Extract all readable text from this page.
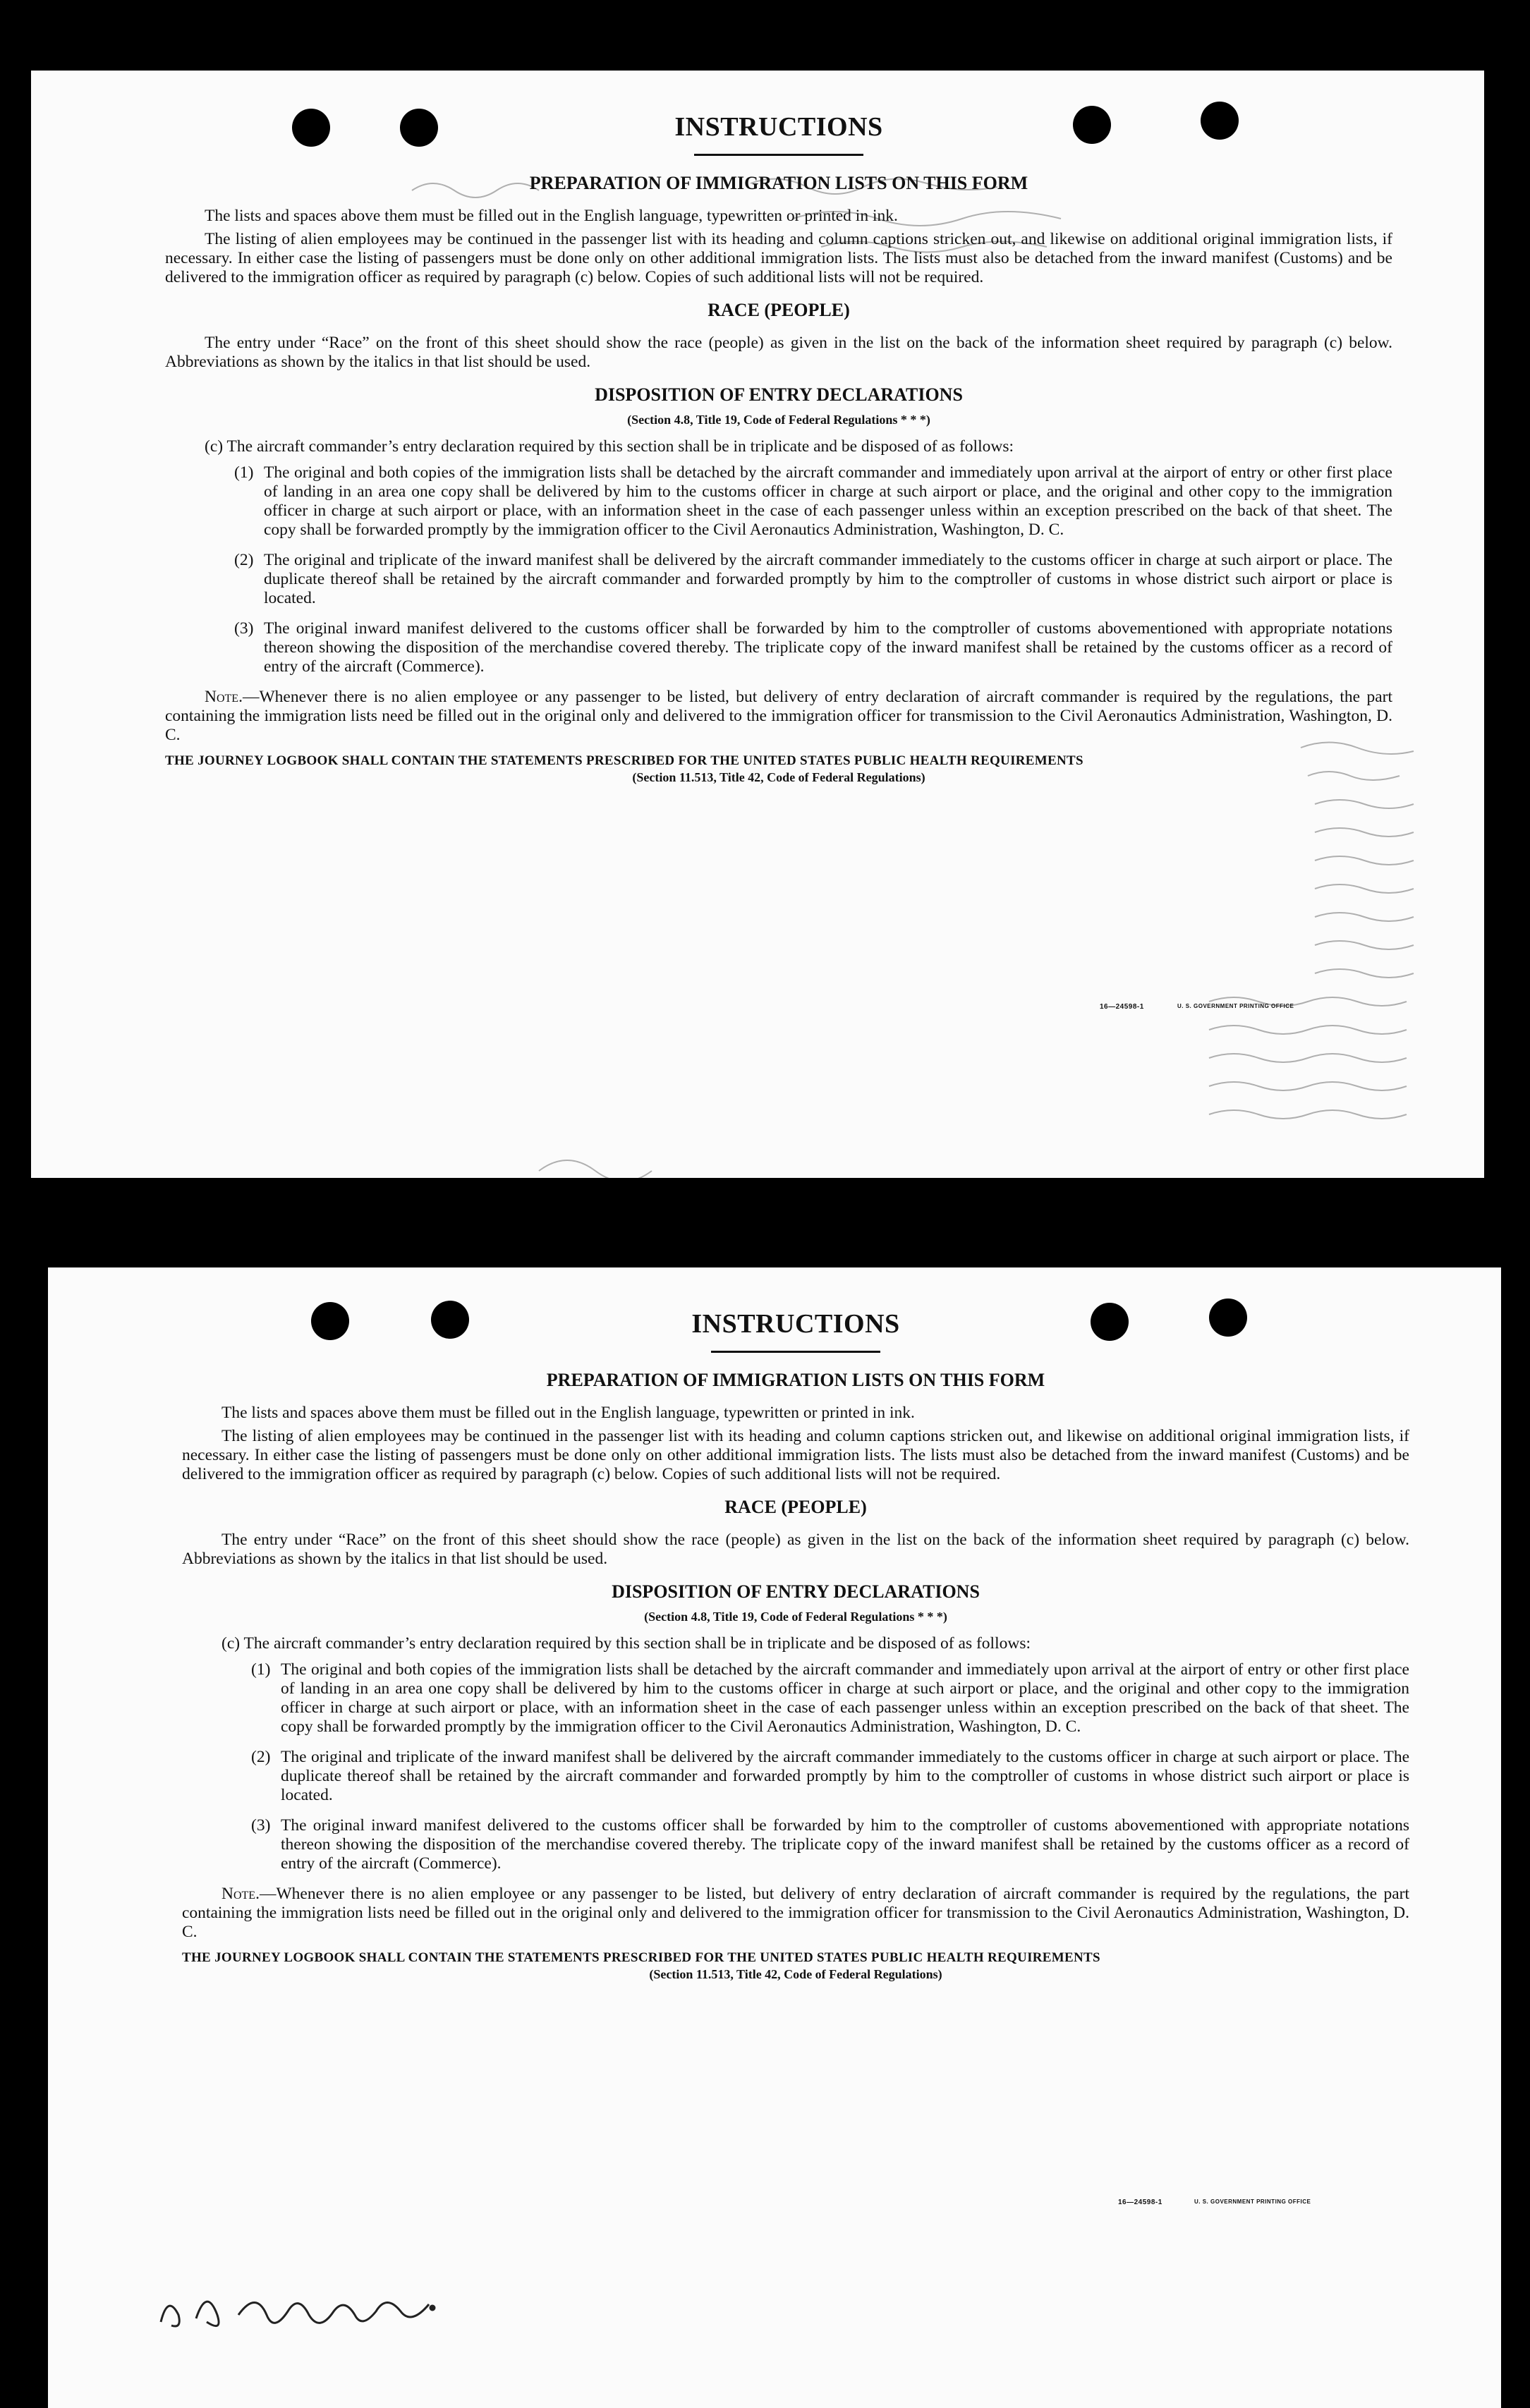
INSTRUCTIONS
PREPARATION OF IMMIGRATION LISTS ON THIS FORM

The lists and spaces above them must be filled out in the English language, typewritten or printed in ink.

The listing of alien employees may be continued in the passenger list with its heading and column captions stricken out, and likewise on additional original immigration lists, if necessary. In either case the listing of passengers must be done only on other additional immigration lists. The lists must also be detached from the inward manifest (Customs) and be delivered to the immigration officer as required by paragraph (c) below. Copies of such additional lists will not be required.

RACE (PEOPLE)

The entry under “Race” on the front of this sheet should show the race (people) as given in the list on the back of the information sheet required by paragraph (c) below. Abbreviations as shown by the italics in that list should be used.

DISPOSITION OF ENTRY DECLARATIONS
(Section 4.8, Title 19, Code of Federal Regulations * * *)
(c) The aircraft commander’s entry declaration required by this section shall be in triplicate and be disposed of as follows:
(1) The original and both copies of the immigration lists shall be detached by the aircraft commander and immediately upon arrival at the airport of entry or other first place of landing in an area one copy shall be delivered by him to the customs officer in charge at such airport or place, and the original and other copy to the immigration officer in charge at such airport or place, with an information sheet in the case of each passenger unless within an exception prescribed on the back of that sheet. The copy shall be forwarded promptly by the immigration officer to the Civil Aeronautics Administration, Washington, D. C.
(2) The original and triplicate of the inward manifest shall be delivered by the aircraft commander immediately to the customs officer in charge at such airport or place. The duplicate thereof shall be retained by the aircraft commander and forwarded promptly by him to the comptroller of customs in whose district such airport or place is located.
(3) The original inward manifest delivered to the customs officer shall be forwarded by him to the comptroller of customs abovementioned with appropriate notations thereon showing the disposition of the merchandise covered thereby. The triplicate copy of the inward manifest shall be retained by the customs officer as a record of entry of the aircraft (Commerce).

Note.—Whenever there is no alien employee or any passenger to be listed, but delivery of entry declaration of aircraft commander is required by the regulations, the part containing the immigration lists need be filled out in the original only and delivered to the immigration officer for transmission to the Civil Aeronautics Administration, Washington, D. C.

THE JOURNEY LOGBOOK SHALL CONTAIN THE STATEMENTS PRESCRIBED FOR THE UNITED STATES PUBLIC HEALTH REQUIREMENTS
(Section 11.513, Title 42, Code of Federal Regulations)
16—24598-1	U. S. GOVERNMENT PRINTING OFFICE
INSTRUCTIONS
PREPARATION OF IMMIGRATION LISTS ON THIS FORM

The lists and spaces above them must be filled out in the English language, typewritten or printed in ink.

The listing of alien employees may be continued in the passenger list with its heading and column captions stricken out, and likewise on additional original immigration lists, if necessary. In either case the listing of passengers must be done only on other additional immigration lists. The lists must also be detached from the inward manifest (Customs) and be delivered to the immigration officer as required by paragraph (c) below. Copies of such additional lists will not be required.

RACE (PEOPLE)

The entry under “Race” on the front of this sheet should show the race (people) as given in the list on the back of the information sheet required by paragraph (c) below. Abbreviations as shown by the italics in that list should be used.

DISPOSITION OF ENTRY DECLARATIONS
(Section 4.8, Title 19, Code of Federal Regulations * * *)
(c) The aircraft commander’s entry declaration required by this section shall be in triplicate and be disposed of as follows:
(1) The original and both copies of the immigration lists shall be detached by the aircraft commander and immediately upon arrival at the airport of entry or other first place of landing in an area one copy shall be delivered by him to the customs officer in charge at such airport or place, and the original and other copy to the immigration officer in charge at such airport or place, with an information sheet in the case of each passenger unless within an exception prescribed on the back of that sheet. The copy shall be forwarded promptly by the immigration officer to the Civil Aeronautics Administration, Washington, D. C.
(2) The original and triplicate of the inward manifest shall be delivered by the aircraft commander immediately to the customs officer in charge at such airport or place. The duplicate thereof shall be retained by the aircraft commander and forwarded promptly by him to the comptroller of customs in whose district such airport or place is located.
(3) The original inward manifest delivered to the customs officer shall be forwarded by him to the comptroller of customs abovementioned with appropriate notations thereon showing the disposition of the merchandise covered thereby. The triplicate copy of the inward manifest shall be retained by the customs officer as a record of entry of the aircraft (Commerce).

Note.—Whenever there is no alien employee or any passenger to be listed, but delivery of entry declaration of aircraft commander is required by the regulations, the part containing the immigration lists need be filled out in the original only and delivered to the immigration officer for transmission to the Civil Aeronautics Administration, Washington, D. C.

THE JOURNEY LOGBOOK SHALL CONTAIN THE STATEMENTS PRESCRIBED FOR THE UNITED STATES PUBLIC HEALTH REQUIREMENTS
(Section 11.513, Title 42, Code of Federal Regulations)
16—24598-1	U. S. GOVERNMENT PRINTING OFFICE
